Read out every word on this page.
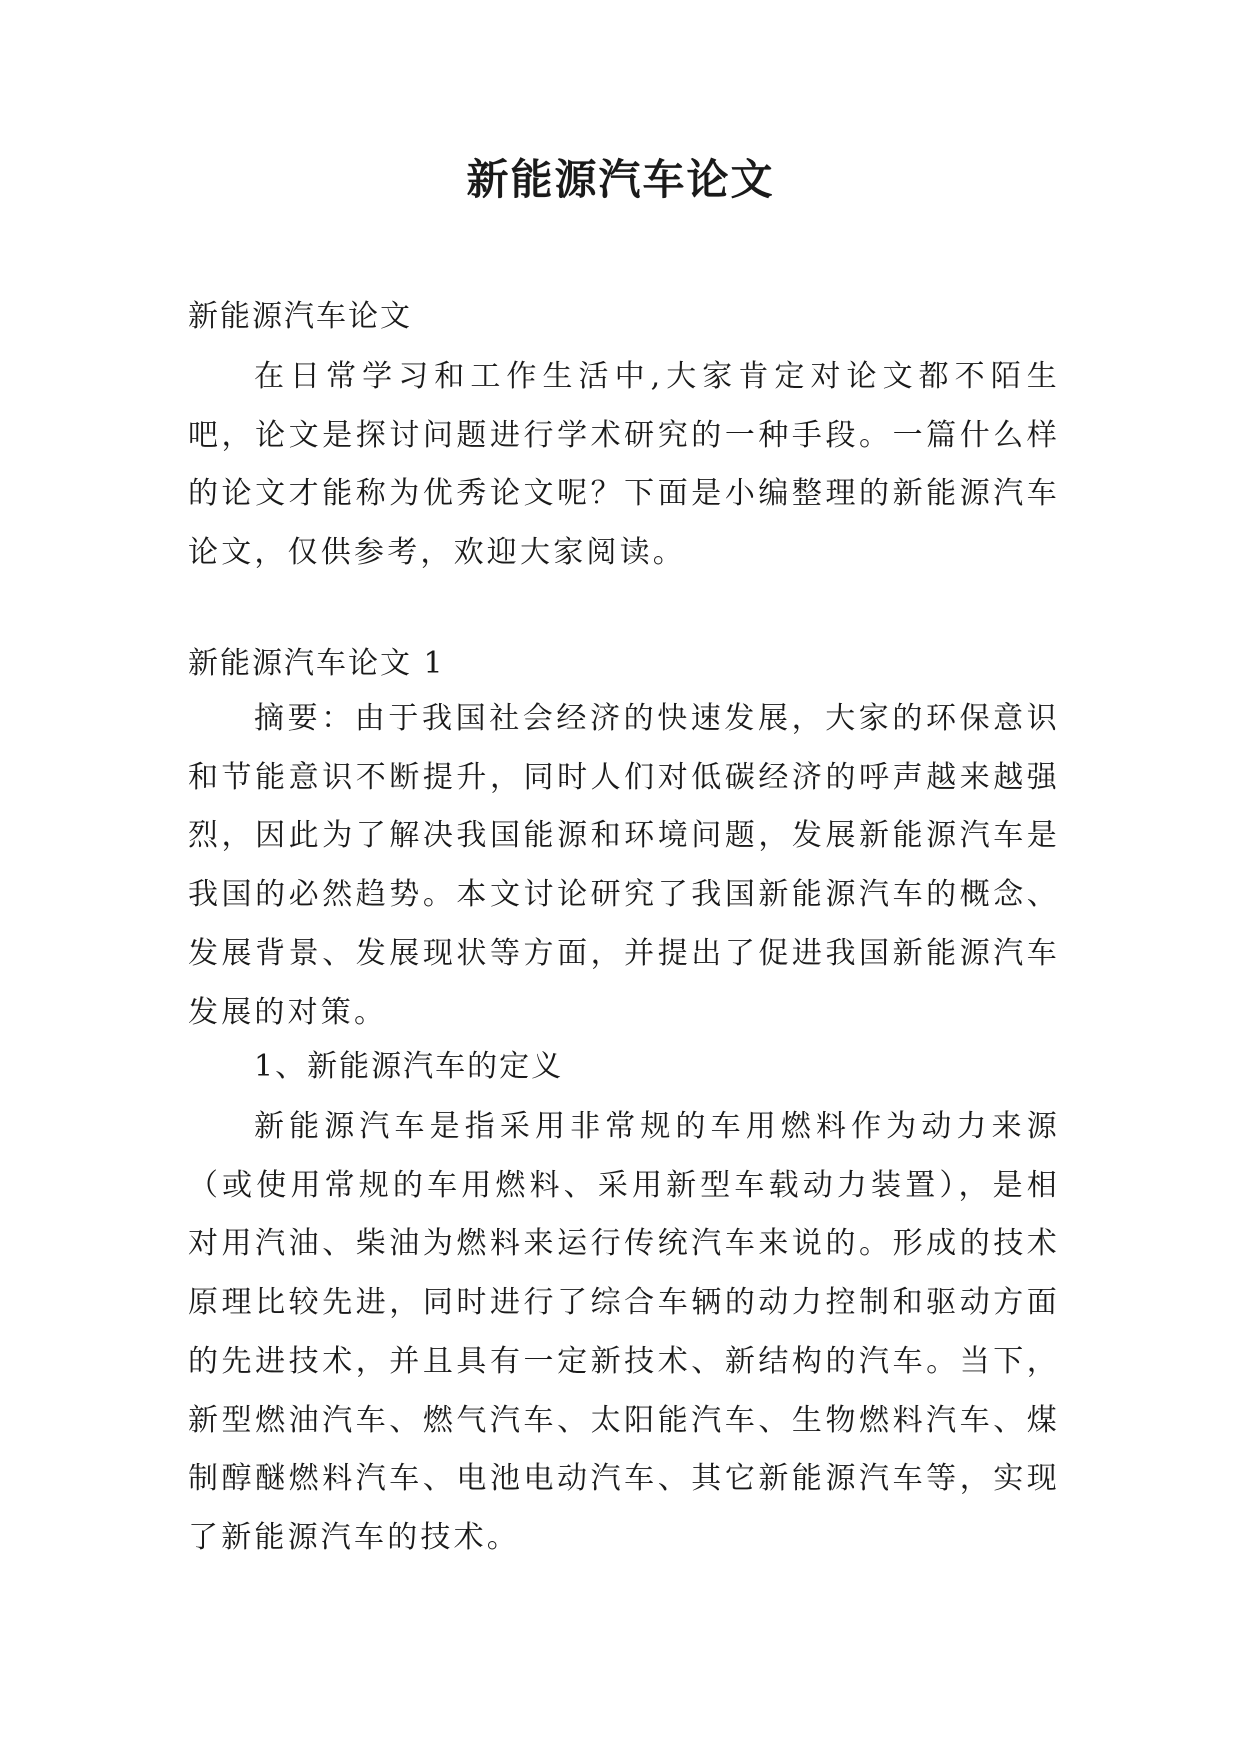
新能源汽车论文
新能源汽车论文
在日常学习和工作生活中,大家肯定对论文都不陌生吧，论文是探讨问题进行学术研究的一种手段。一篇什么样的论文才能称为优秀论文呢？下面是小编整理的新能源汽车论文，仅供参考，欢迎大家阅读。
新能源汽车论文 1
摘要：由于我国社会经济的快速发展，大家的环保意识和节能意识不断提升，同时人们对低碳经济的呼声越来越强烈，因此为了解决我国能源和环境问题，发展新能源汽车是我国的必然趋势。本文讨论研究了我国新能源汽车的概念、发展背景、发展现状等方面，并提出了促进我国新能源汽车发展的对策。
1、新能源汽车的定义
新能源汽车是指采用非常规的车用燃料作为动力来源（或使用常规的车用燃料、采用新型车载动力装置），是相对用汽油、柴油为燃料来运行传统汽车来说的。形成的技术原理比较先进，同时进行了综合车辆的动力控制和驱动方面的先进技术，并且具有一定新技术、新结构的汽车。当下，新型燃油汽车、燃气汽车、太阳能汽车、生物燃料汽车、煤制醇醚燃料汽车、电池电动汽车、其它新能源汽车等，实现了新能源汽车的技术。
